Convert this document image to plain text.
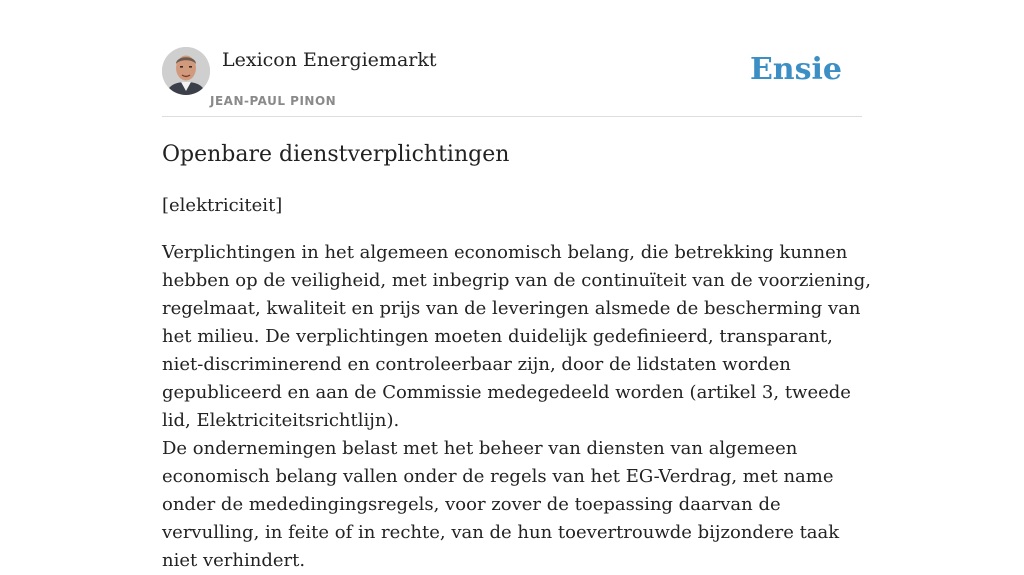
Lexicon Energiemarkt
JEAN-PAUL PINON
Ensie
Openbare dienstverplichtingen

[elektriciteit]

Verplichtingen in het algemeen economisch belang, die betrekking kunnen hebben op de veiligheid, met inbegrip van de continuïteit van de voorziening, regelmaat, kwaliteit en prijs van de leveringen alsmede de bescherming van het milieu. De verplichtingen moeten duidelijk gedefinieerd, transparant, niet-discriminerend en controleerbaar zijn, door de lidstaten worden gepubliceerd en aan de Commissie medegedeeld worden (artikel 3, tweede lid, Elektriciteitsrichtlijn).

De ondernemingen belast met het beheer van diensten van algemeen economisch belang vallen onder de regels van het EG-Verdrag, met name onder de mededingingsregels, voor zover de toepassing daarvan de vervulling, in feite of in rechte, van de hun toevertrouwde bijzondere taak niet verhindert.
